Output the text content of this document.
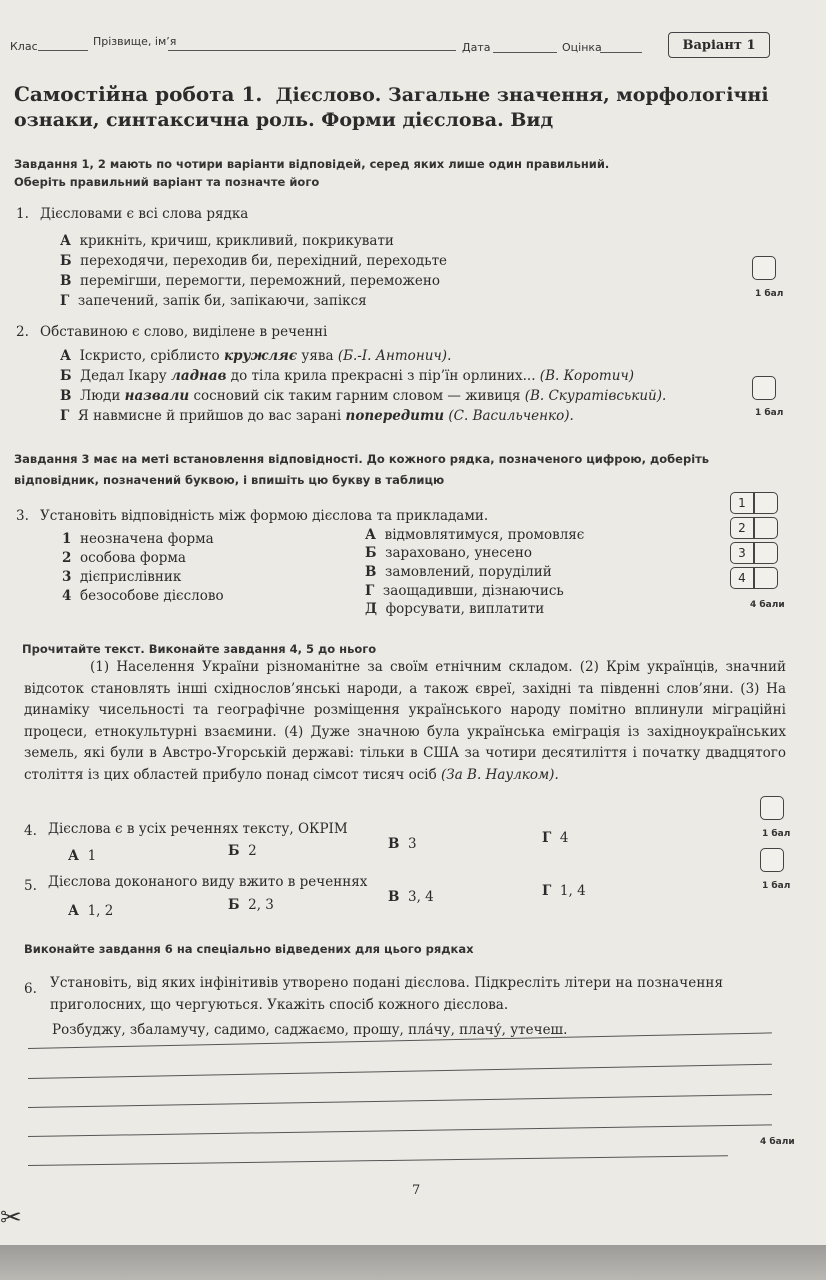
Клас	Прізвище, ім’я	Дата	Оцінка	Варіант 1
Самостійна робота 1. Дієслово. Загальне значення, морфологічні ознаки, синтаксична роль. Форми дієслова. Вид
Завдання 1, 2 мають по чотири варіанти відповідей, серед яких лише один правильний.
Оберіть правильний варіант та позначте його
1. Дієсловами є всі слова рядка
А крикніть, кричиш, крикливий, покрикувати
Б переходячи, переходив би, перехідний, переходьте
В перемігши, перемогти, переможний, переможено
Г запечений, запік би, запікаючи, запікся	1 бал
2. Обставиною є слово, виділене в реченні
А Іскристо, сріблисто кружляє уява (Б.-І. Антонич).
Б Дедал Ікару ладнав до тіла крила прекрасні з пір’їн орлиних... (В. Коротич)
В Люди назвали сосновий сік таким гарним словом — живиця (В. Скуратівський).
Г Я навмисне й прийшов до вас зарані попередити (С. Васильченко).	1 бал
Завдання 3 має на меті встановлення відповідності. До кожного рядка, позначеного цифрою, доберіть
відповідник, позначений буквою, і впишіть цю букву в таблицю
3. Установіть відповідність між формою дієслова та прикладами.
1 неозначена форма
2 особова форма
3 дієприслівник
4 безособове дієслово
А відмовлятимуся, промовляє
Б зараховано, унесено
В замовлений, поруділий
Г заощадивши, дізнаючись
Д форсувати, виплатити
1
2
3
4
4 бали
Прочитайте текст. Виконайте завдання 4, 5 до нього
(1) Населення України різноманітне за своїм етнічним складом. (2) Крім українців, значний відсоток становлять інші східнослов’янські народи, а також євреї, західні та південні слов’яни. (3) На динаміку чисельності та географічне розміщення українського народу помітно вплинули міграційні процеси, етнокультурні взаємини. (4) Дуже значною була українська еміграція із західноукраїнських земель, які були в Австро-Угорській державі: тільки в США за чотири десятиліття і початку двадцятого століття із цих областей прибуло понад сімсот тисяч осіб (За В. Наулком).
4. Дієслова є в усіх реченнях тексту, ОКРІМ
А 1	Б 2	В 3	Г 4	1 бал
5. Дієслова доконаного виду вжито в реченнях
А 1, 2	Б 2, 3	В 3, 4	Г 1, 4	1 бал
Виконайте завдання 6 на спеціально відведених для цього рядках
6. Установіть, від яких інфінітивів утворено подані дієслова. Підкресліть літери на позначення
приголосних, що чергуються. Укажіть спосіб кожного дієслова.
Розбуджу, збаламучу, садимо, саджаємо, прошу, пла́чу, плачу́, утечеш.
4 бали
7
✂
